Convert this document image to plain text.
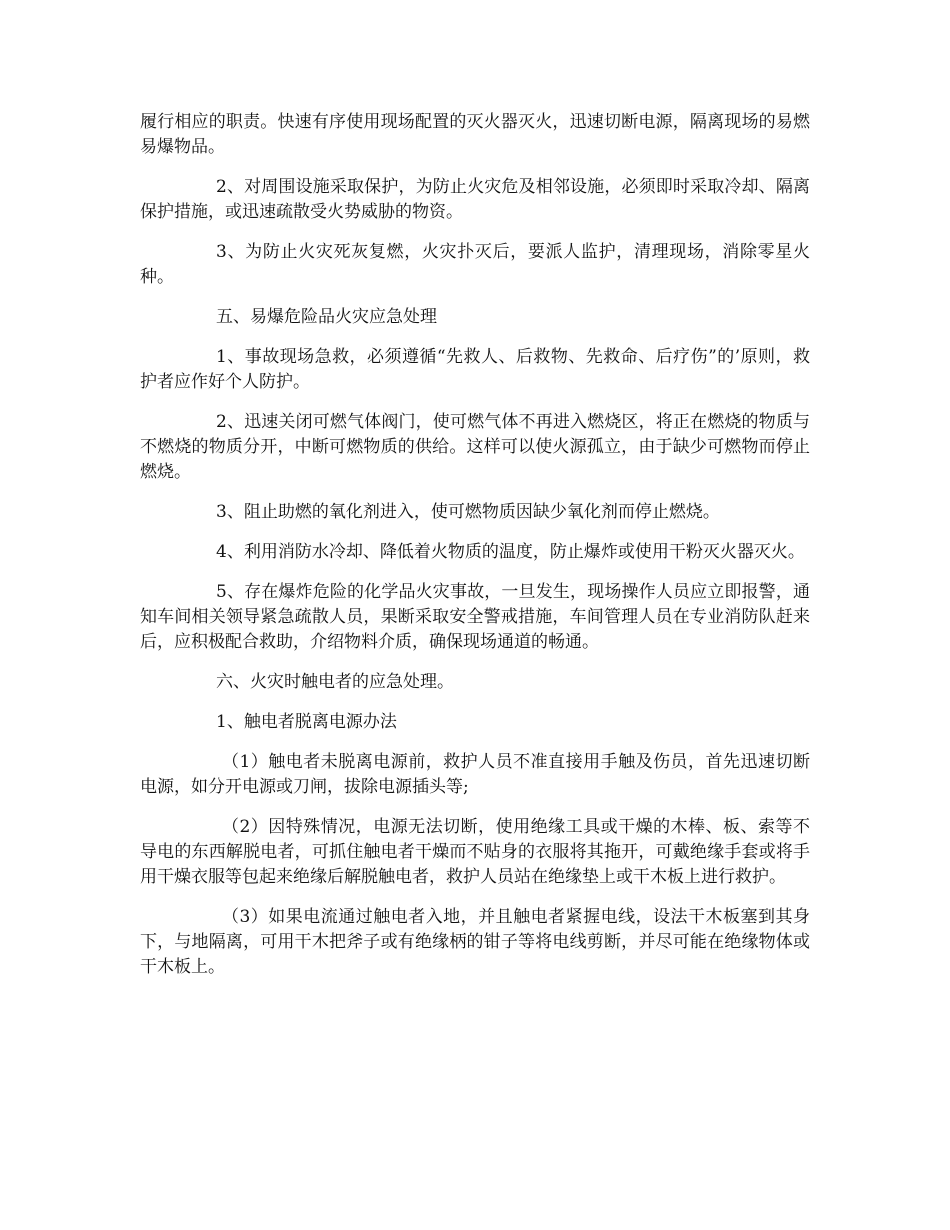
履行相应的职责。快速有序使用现场配置的灭火器灭火，迅速切断电源，隔离现场的易燃易爆物品。

2、对周围设施采取保护，为防止火灾危及相邻设施，必须即时采取冷却、隔离保护措施，或迅速疏散受火势威胁的物资。

3、为防止火灾死灰复燃，火灾扑灭后，要派人监护，清理现场，消除零星火种。

五、易爆危险品火灾应急处理

1、事故现场急救，必须遵循“先救人、后救物、先救命、后疗伤”的’原则，救护者应作好个人防护。

2、迅速关闭可燃气体阀门，使可燃气体不再进入燃烧区，将正在燃烧的物质与不燃烧的物质分开，中断可燃物质的供给。这样可以使火源孤立，由于缺少可燃物而停止燃烧。

3、阻止助燃的氧化剂进入，使可燃物质因缺少氧化剂而停止燃烧。

4、利用消防水冷却、降低着火物质的温度，防止爆炸或使用干粉灭火器灭火。

5、存在爆炸危险的化学品火灾事故，一旦发生，现场操作人员应立即报警，通知车间相关领导紧急疏散人员，果断采取安全警戒措施，车间管理人员在专业消防队赶来后，应积极配合救助，介绍物料介质，确保现场通道的畅通。

六、火灾时触电者的应急处理。

1、触电者脱离电源办法

（1）触电者未脱离电源前，救护人员不准直接用手触及伤员，首先迅速切断电源，如分开电源或刀闸，拔除电源插头等;

（2）因特殊情况，电源无法切断，使用绝缘工具或干燥的木棒、板、索等不导电的东西解脱电者，可抓住触电者干燥而不贴身的衣服将其拖开，可戴绝缘手套或将手用干燥衣服等包起来绝缘后解脱触电者，救护人员站在绝缘垫上或干木板上进行救护。

（3）如果电流通过触电者入地，并且触电者紧握电线，设法干木板塞到其身下，与地隔离，可用干木把斧子或有绝缘柄的钳子等将电线剪断，并尽可能在绝缘物体或干木板上。
